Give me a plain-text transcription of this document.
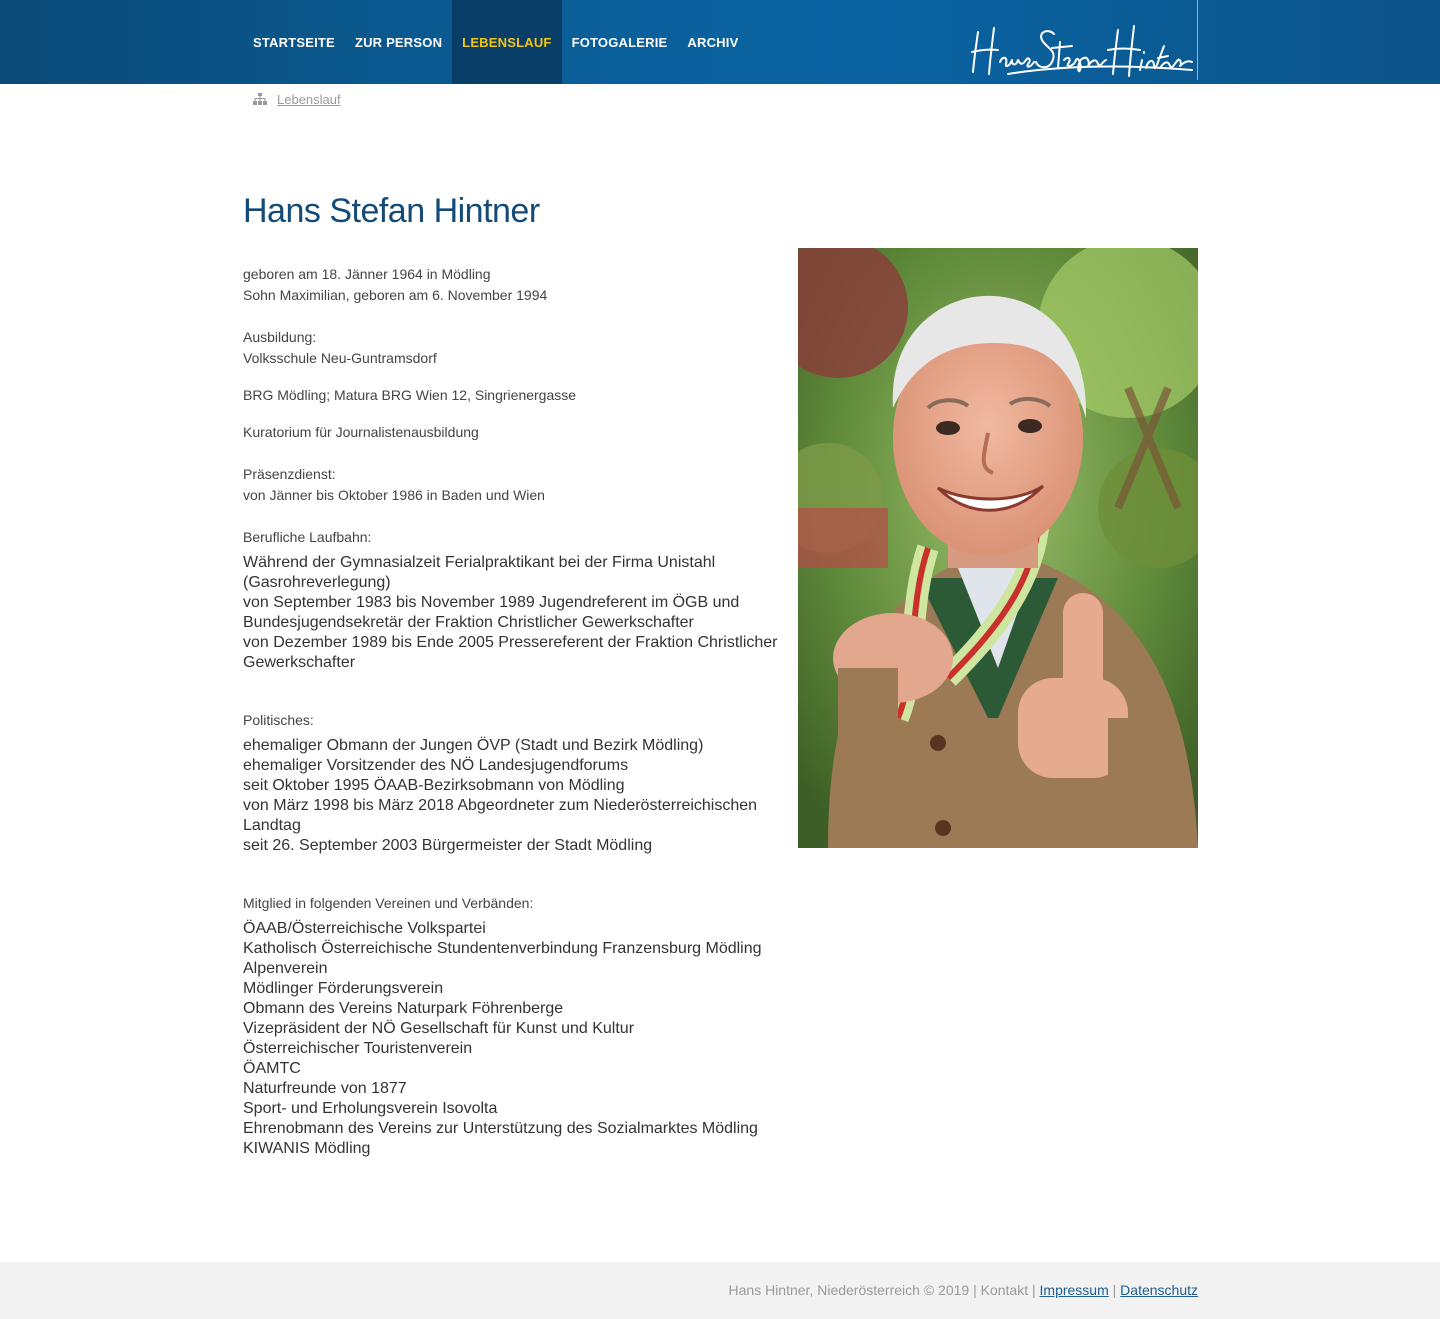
STARTSEITE	ZUR PERSON	LEBENSLAUF	FOTOGALERIE	ARCHIV
Lebenslauf
Hans Stefan Hintner

geboren am 18. Jänner 1964 in Mödling

Sohn Maximilian, geboren am 6. November 1994

Ausbildung:

Volksschule Neu-Guntramsdorf

BRG Mödling; Matura BRG Wien 12, Singrienergasse

Kuratorium für Journalistenausbildung

Präsenzdienst:

von Jänner bis Oktober 1986 in Baden und Wien

Berufliche Laufbahn:

Während der Gymnasialzeit Ferialpraktikant bei der Firma Unistahl (Gasrohreverlegung)

von September 1983 bis November 1989 Jugendreferent im ÖGB und Bundesjugendsekretär der Fraktion Christlicher Gewerkschafter

von Dezember 1989 bis Ende 2005 Pressereferent der Fraktion Christlicher Gewerkschafter

Politisches:

ehemaliger Obmann der Jungen ÖVP (Stadt und Bezirk Mödling)

ehemaliger Vorsitzender des NÖ Landesjugendforums

seit Oktober 1995 ÖAAB-Bezirksobmann von Mödling

von März 1998 bis März 2018 Abgeordneter zum Niederösterreichischen Landtag

seit 26. September 2003 Bürgermeister der Stadt Mödling

Mitglied in folgenden Vereinen und Verbänden:

ÖAAB/Österreichische Volkspartei

Katholisch Österreichische Stundentenverbindung Franzensburg Mödling

Alpenverein

Mödlinger Förderungsverein

Obmann des Vereins Naturpark Föhrenberge

Vizepräsident der NÖ Gesellschaft für Kunst und Kultur

Österreichischer Touristenverein

ÖAMTC

Naturfreunde von 1877

Sport- und Erholungsverein Isovolta

Ehrenobmann des Vereins zur Unterstützung des Sozialmarktes Mödling

KIWANIS Mödling

Hans Hintner, Niederösterreich © 2019 | Kontakt | Impressum | Datenschutz
